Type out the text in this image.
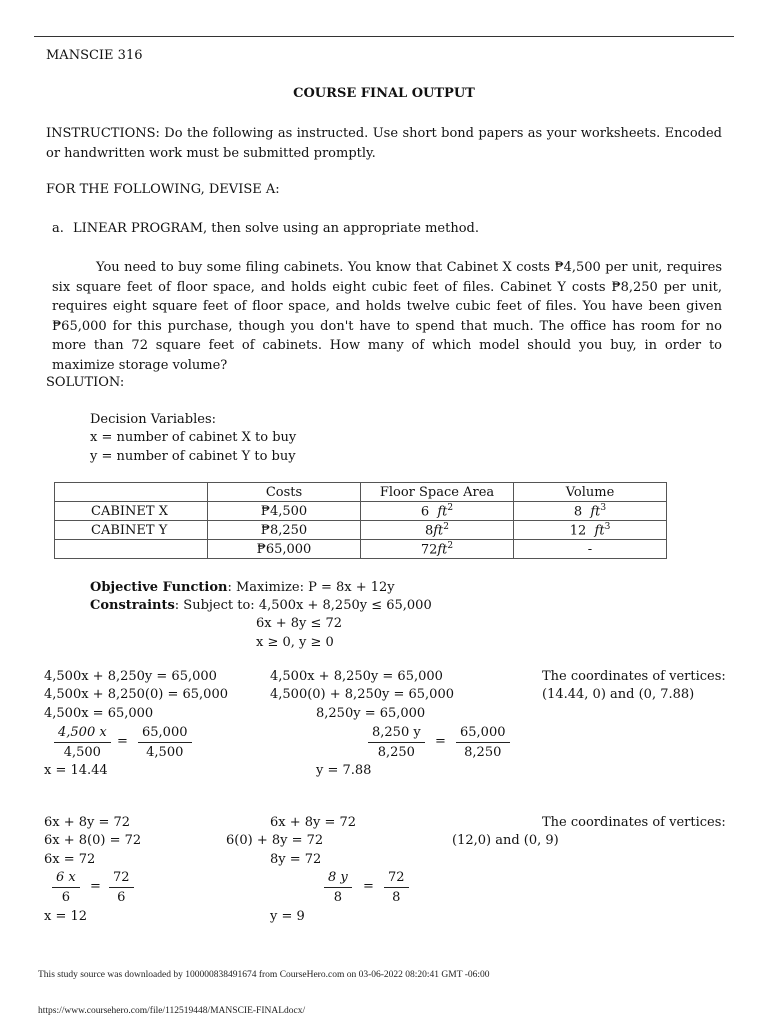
MANSCIE 316
COURSE FINAL OUTPUT
INSTRUCTIONS: Do the following as instructed. Use short bond papers as your worksheets. Encoded or handwritten work must be submitted promptly.
FOR THE FOLLOWING, DEVISE A:
a. LINEAR PROGRAM, then solve using an appropriate method.
You need to buy some filing cabinets. You know that Cabinet X costs ₱4,500 per unit, requires six square feet of floor space, and holds eight cubic feet of files. Cabinet Y costs ₱8,250 per unit, requires eight square feet of floor space, and holds twelve cubic feet of files. You have been given ₱65,000 for this purchase, though you don't have to spend that much. The office has room for no more than 72 square feet of cabinets. How many of which model should you buy, in order to maximize storage volume?
SOLUTION:
Decision Variables:
x = number of cabinet X to buy
y = number of cabinet Y to buy
	Costs	Floor Space Area	Volume
CABINET X	₱4,500	6 $ft^2$	8 $ft^3$
CABINET Y	₱8,250	$8ft^2$	12 $ft^3$
	₱65,000	$72ft^2$	-
Objective Function: Maximize: P = 8x + 12y
Constraints: Subject to: 4,500x + 8,250y ≤ 65,000
6x + 8y ≤ 72
x ≥ 0, y ≥ 0
4,500x + 8,250y = 65,000
4,500x + 8,250(0) = 65,000
4,500x = 65,000
$\frac{4,500 x}{4,500} = \frac{65,000}{4,500}$
x = 14.44
4,500x + 8,250y = 65,000
4,500(0) + 8,250y = 65,000
8,250y = 65,000
$\frac{8,250 y}{8,250} = \frac{65,000}{8,250}$
y = 7.88
The coordinates of vertices:
(14.44, 0) and (0, 7.88)
6x + 8y = 72
6x + 8(0) = 72
6x = 72
$\frac{6 x}{6} = \frac{72}{6}$
x = 12
6x + 8y = 72
6(0) + 8y = 72
8y = 72
$\frac{8 y}{8} = \frac{72}{8}$
y = 9
The coordinates of vertices:
(12,0) and (0, 9)
This study source was downloaded by 100000838491674 from CourseHero.com on 03-06-2022 08:20:41 GMT -06:00
https://www.coursehero.com/file/112519448/MANSCIE-FINALdocx/
